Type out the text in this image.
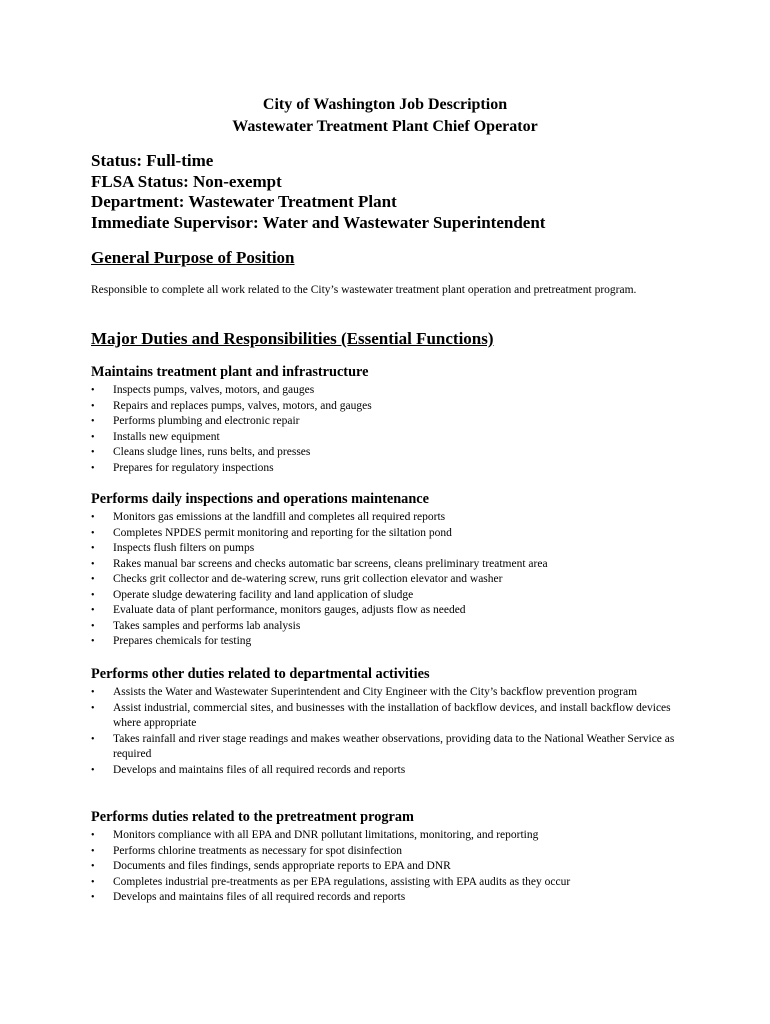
City of Washington Job Description
Wastewater Treatment Plant Chief Operator
Status: Full-time
FLSA Status: Non-exempt
Department: Wastewater Treatment Plant
Immediate Supervisor: Water and Wastewater Superintendent
General Purpose of Position
Responsible to complete all work related to the City’s wastewater treatment plant operation and pretreatment program.
Major Duties and Responsibilities (Essential Functions)
Maintains treatment plant and infrastructure
• Inspects pumps, valves, motors, and gauges
• Repairs and replaces pumps, valves, motors, and gauges
• Performs plumbing and electronic repair
• Installs new equipment
• Cleans sludge lines, runs belts, and presses
• Prepares for regulatory inspections
Performs daily inspections and operations maintenance
• Monitors gas emissions at the landfill and completes all required reports
• Completes NPDES permit monitoring and reporting for the siltation pond
• Inspects flush filters on pumps
• Rakes manual bar screens and checks automatic bar screens, cleans preliminary treatment area
• Checks grit collector and de-watering screw, runs grit collection elevator and washer
• Operate sludge dewatering facility and land application of sludge
• Evaluate data of plant performance, monitors gauges, adjusts flow as needed
• Takes samples and performs lab analysis
• Prepares chemicals for testing
Performs other duties related to departmental activities
• Assists the Water and Wastewater Superintendent and City Engineer with the City’s backflow prevention program
• Assist industrial, commercial sites, and businesses with the installation of backflow devices, and install backflow devices where appropriate
• Takes rainfall and river stage readings and makes weather observations, providing data to the National Weather Service as required
• Develops and maintains files of all required records and reports
Performs duties related to the pretreatment program
• Monitors compliance with all EPA and DNR pollutant limitations, monitoring, and reporting
• Performs chlorine treatments as necessary for spot disinfection
• Documents and files findings, sends appropriate reports to EPA and DNR
• Completes industrial pre-treatments as per EPA regulations, assisting with EPA audits as they occur
• Develops and maintains files of all required records and reports
